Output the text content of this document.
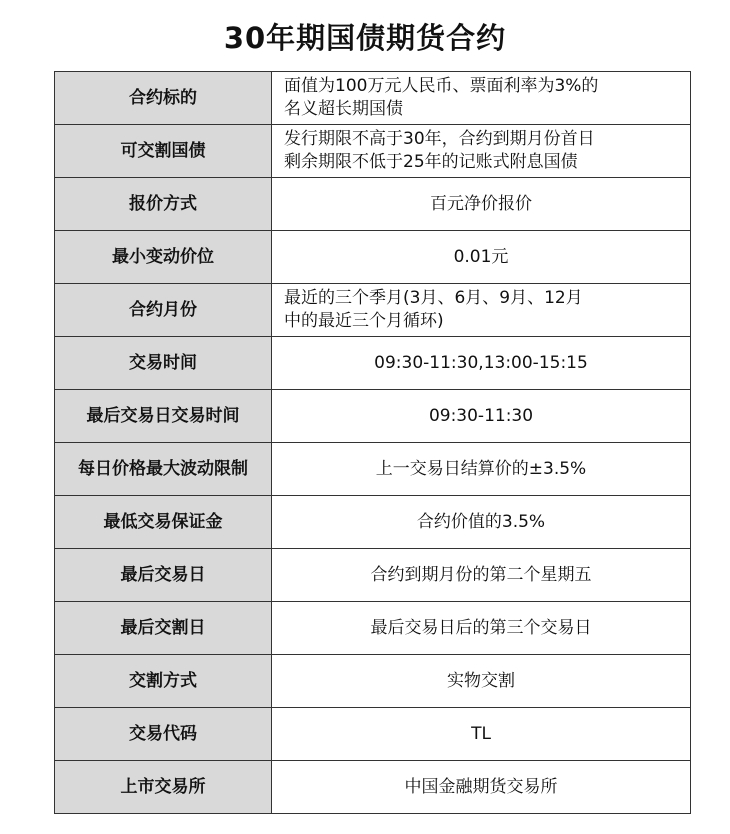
30年期国债期货合约
合约标的	面值为100万元人民币、票面利率为3%的
名义超长期国债

可交割国债	发行期限不高于30年，合约到期月份首日
剩余期限不低于25年的记账式附息国债

报价方式	百元净价报价
最小变动价位	0.01元
合约月份	最近的三个季月(3月、6月、9月、12月
中的最近三个月循环)

交易时间	09:30-11:30,13:00-15:15
最后交易日交易时间	09:30-11:30
每日价格最大波动限制	上一交易日结算价的±3.5%
最低交易保证金	合约价值的3.5%
最后交易日	合约到期月份的第二个星期五
最后交割日	最后交易日后的第三个交易日
交割方式	实物交割
交易代码	TL
上市交易所	中国金融期货交易所
